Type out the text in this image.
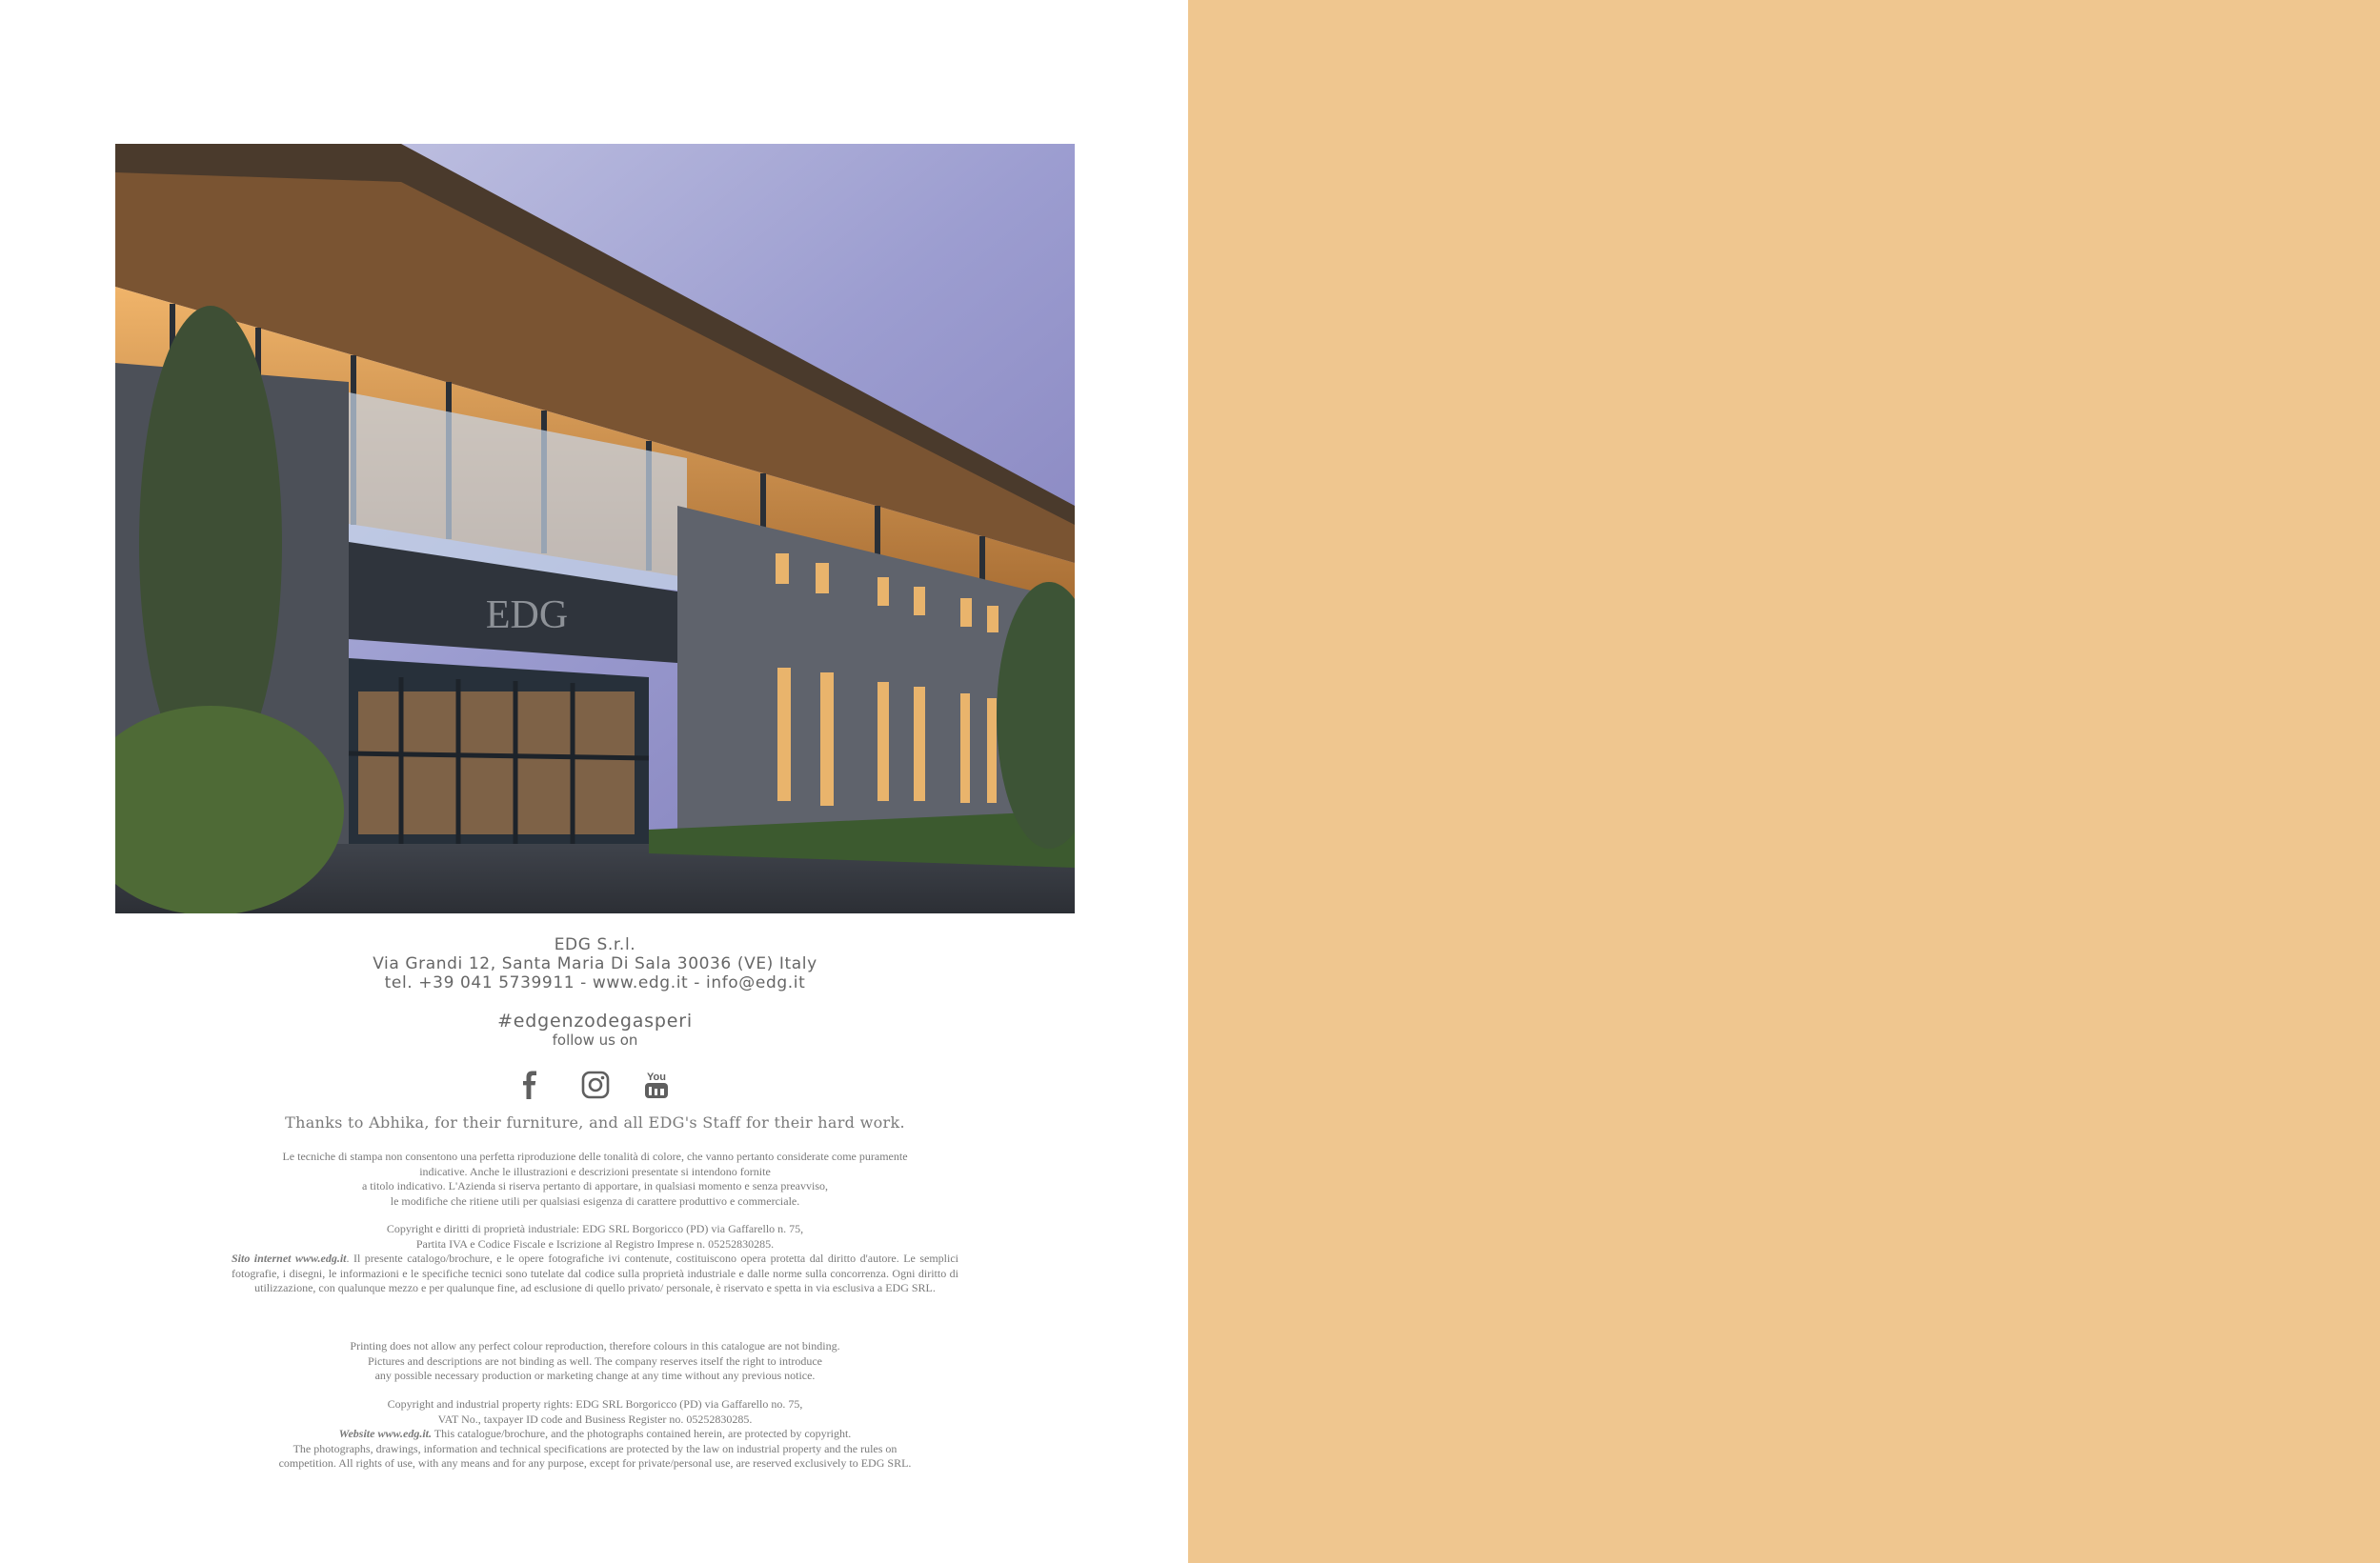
EDG
EDG S.r.l.
Via Grandi 12, Santa Maria Di Sala 30036 (VE) Italy
tel. +39 041 5739911 - www.edg.it - info@edg.it
#edgenzodegasperi
follow us on
You
Thanks to Abhika, for their furniture, and all EDG's Staff for their hard work.
Le tecniche di stampa non consentono una perfetta riproduzione delle tonalità di colore, che vanno pertanto considerate come puramente
indicative. Anche le illustrazioni e descrizioni presentate si intendono fornite
a titolo indicativo. L'Azienda si riserva pertanto di apportare, in qualsiasi momento e senza preavviso,
le modifiche che ritiene utili per qualsiasi esigenza di carattere produttivo e commerciale.
Copyright e diritti di proprietà industriale: EDG SRL Borgoricco (PD) via Gaffarello n. 75,
Partita IVA e Codice Fiscale e Iscrizione al Registro Imprese n. 05252830285.
Sito internet www.edg.it. Il presente catalogo/brochure, e le opere fotografiche ivi contenute, costituiscono opera protetta dal diritto d'autore. Le semplici fotografie, i disegni, le informazioni e le specifiche tecnici sono tutelate dal codice sulla proprietà industriale e dalle norme sulla concorrenza. Ogni diritto di utilizzazione, con qualunque mezzo e per qualunque fine, ad esclusione di quello privato/ personale, è riservato e spetta in via esclusiva a EDG SRL.
Printing does not allow any perfect colour reproduction, therefore colours in this catalogue are not binding.
Pictures and descriptions are not binding as well. The company reserves itself the right to introduce
any possible necessary production or marketing change at any time without any previous notice.
Copyright and industrial property rights: EDG SRL Borgoricco (PD) via Gaffarello no. 75,
VAT No., taxpayer ID code and Business Register no. 05252830285.
Website www.edg.it. This catalogue/brochure, and the photographs contained herein, are protected by copyright.
The photographs, drawings, information and technical specifications are protected by the law on industrial property and the rules on
competition. All rights of use, with any means and for any purpose, except for private/personal use, are reserved exclusively to EDG SRL.
